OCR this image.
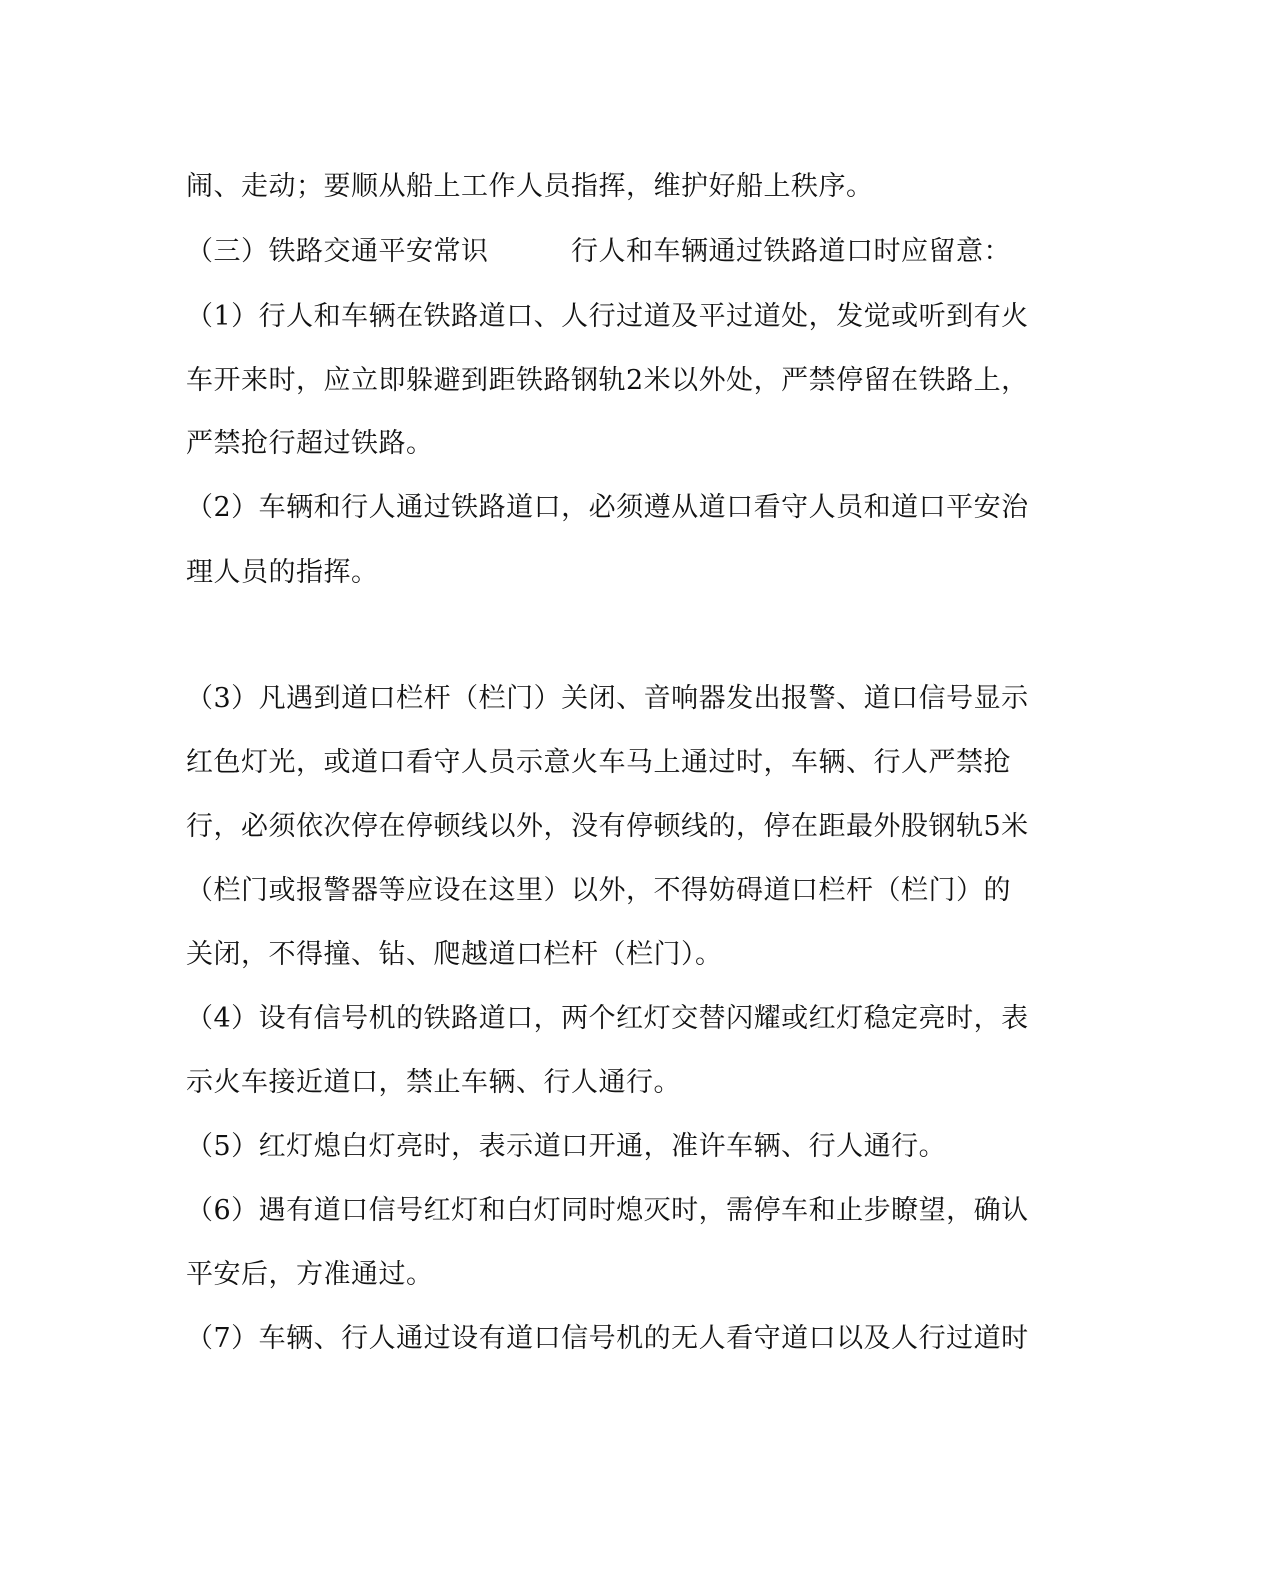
闹、走动；要顺从船上工作人员指挥，维护好船上秩序。
（三）铁路交通平安常识　　　行人和车辆通过铁路道口时应留意：
（1）行人和车辆在铁路道口、人行过道及平过道处，发觉或听到有火
车开来时，应立即躲避到距铁路钢轨2米以外处，严禁停留在铁路上，
严禁抢行超过铁路。
（2）车辆和行人通过铁路道口，必须遵从道口看守人员和道口平安治
理人员的指挥。
（3）凡遇到道口栏杆（栏门）关闭、音响器发出报警、道口信号显示
红色灯光，或道口看守人员示意火车马上通过时，车辆、行人严禁抢
行，必须依次停在停顿线以外，没有停顿线的，停在距最外股钢轨5米
（栏门或报警器等应设在这里）以外，不得妨碍道口栏杆（栏门）的
关闭，不得撞、钻、爬越道口栏杆（栏门）。
（4）设有信号机的铁路道口，两个红灯交替闪耀或红灯稳定亮时，表
示火车接近道口，禁止车辆、行人通行。
（5）红灯熄白灯亮时，表示道口开通，准许车辆、行人通行。
（6）遇有道口信号红灯和白灯同时熄灭时，需停车和止步瞭望，确认
平安后，方准通过。
（7）车辆、行人通过设有道口信号机的无人看守道口以及人行过道时
